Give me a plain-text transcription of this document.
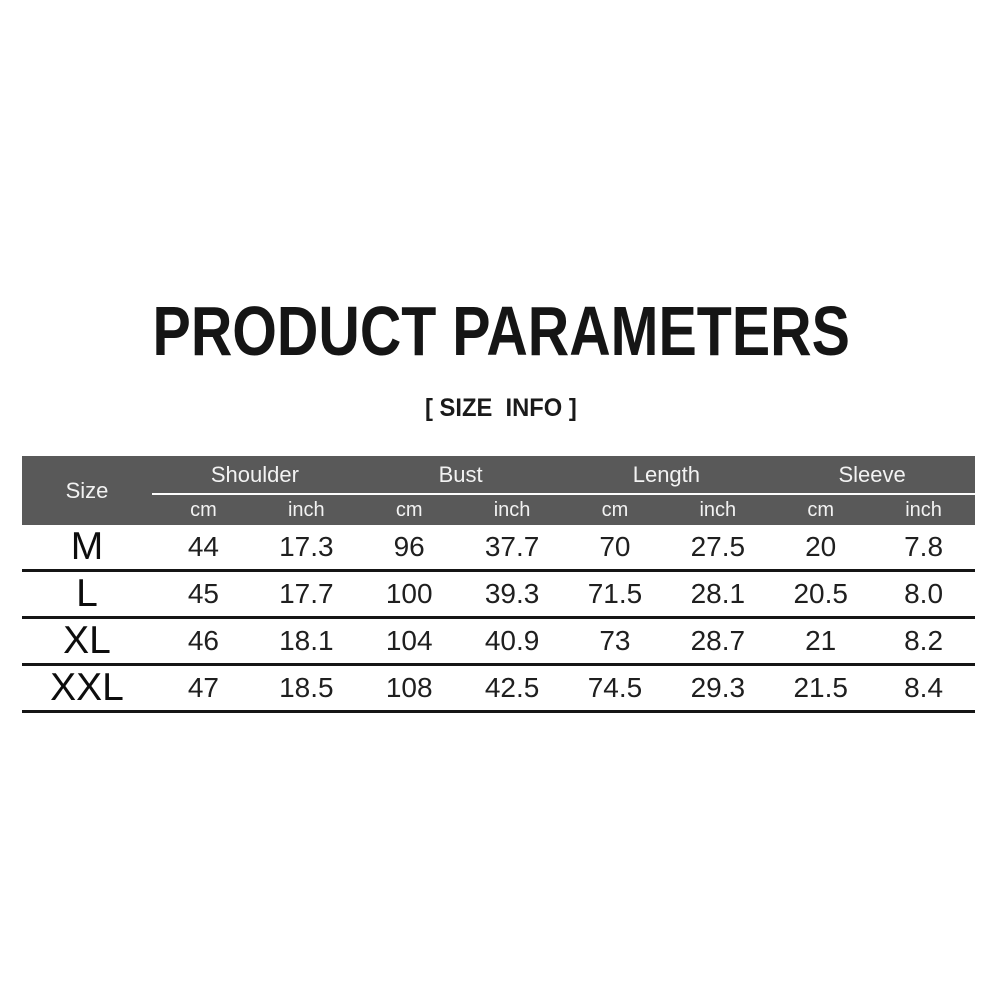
PRODUCT PARAMETERS
[ SIZE  INFO ]
Size	Shoulder		Bust		Length		Sleeve	
	cm	inch	cm	inch	cm	inch	cm	inch
M	44	17.3	96	37.7	70	27.5	20	7.8
L	45	17.7	100	39.3	71.5	28.1	20.5	8.0
XL	46	18.1	104	40.9	73	28.7	21	8.2
XXL	47	18.5	108	42.5	74.5	29.3	21.5	8.4
